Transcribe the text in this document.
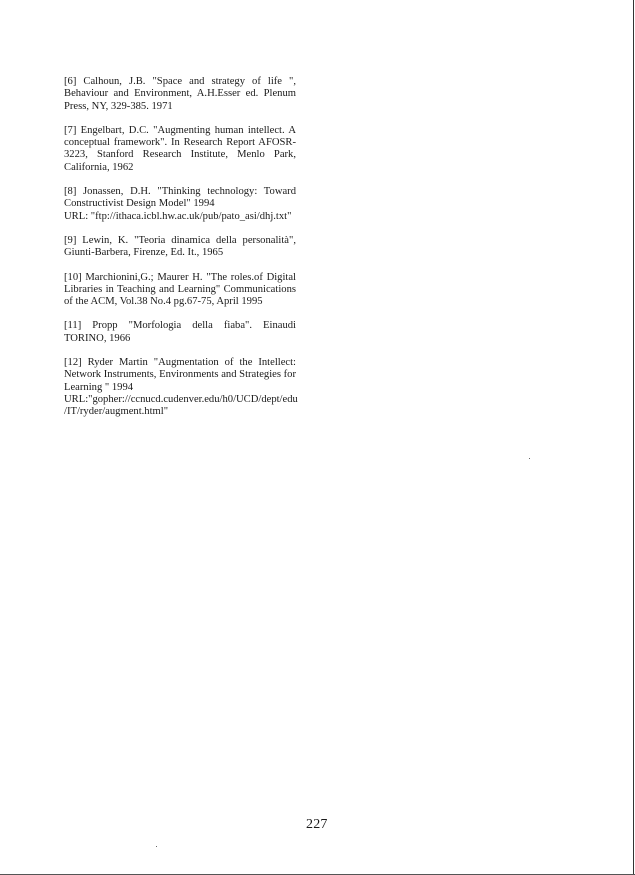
[6] Calhoun, J.B. "Space and strategy of life ",
Behaviour and Environment, A.H.Esser ed. Plenum
Press, NY, 329-385. 1971
[7] Engelbart, D.C. "Augmenting human intellect. A
conceptual framework". In Research Report AFOSR-
3223, Stanford Research Institute, Menlo Park,
California, 1962
[8] Jonassen, D.H. "Thinking technology: Toward
Constructivist Design Model" 1994
URL: "ftp://ithaca.icbl.hw.ac.uk/pub/pato_asi/dhj.txt"
[9] Lewin, K. "Teoria dinamica della personalità",
Giunti-Barbera, Firenze, Ed. It., 1965
[10] Marchionini,G.; Maurer H. "The roles.of Digital
Libraries in Teaching and Learning" Communications
of the ACM, Vol.38 No.4 pg.67-75, April 1995
[11] Propp "Morfologia della fiaba". Einaudi
TORINO, 1966
[12] Ryder Martin "Augmentation of the Intellect:
Network Instruments, Environments and Strategies for
Learning " 1994
URL:"gopher://ccnucd.cudenver.edu/h0/UCD/dept/edu
/IT/ryder/augment.html"
227
